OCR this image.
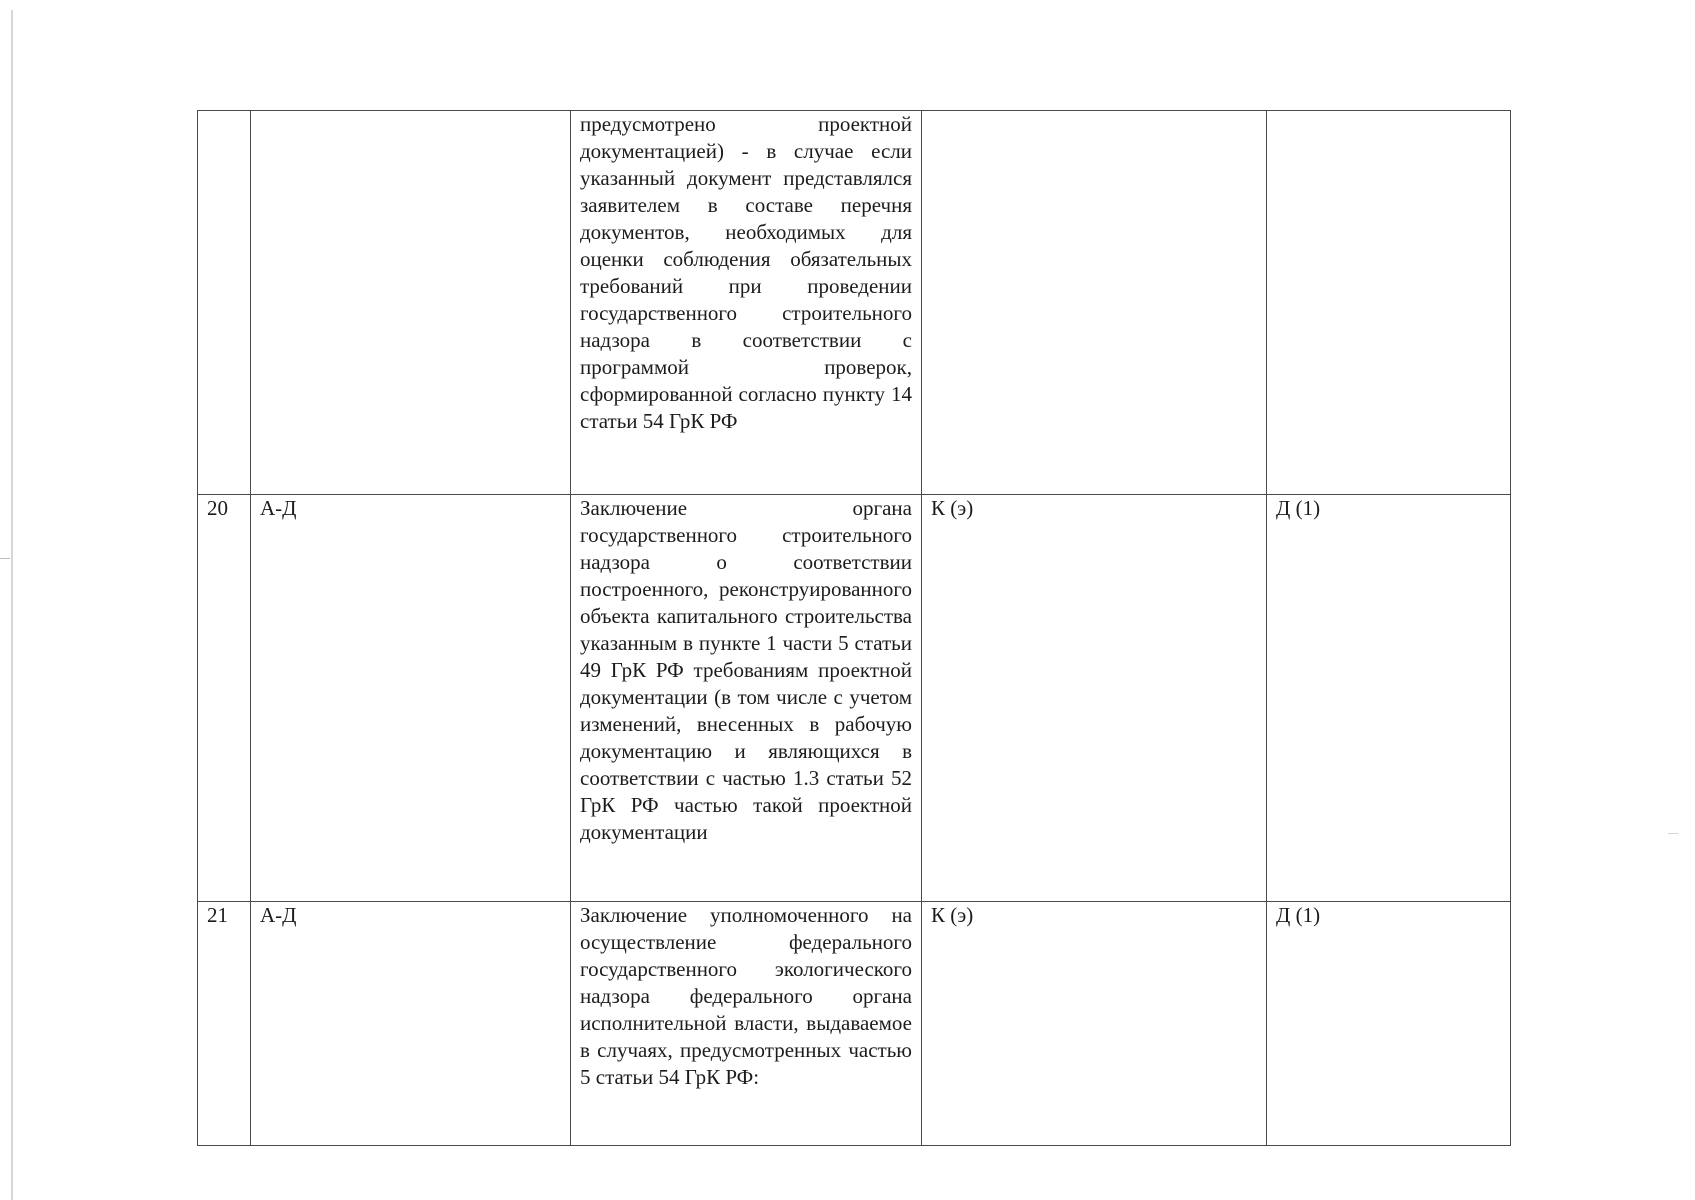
		предусмотрено проектной документацией) - в случае если указанный документ представлялся заявителем в составе перечня документов, необходимых для оценки соблюдения обязательных требований при проведении государственного строительного надзора в соответствии с программой проверок, сформированной согласно пункту 14 статьи 54 ГрК РФ		

20	А-Д	Заключение органа государственного строительного надзора о соответствии построенного, реконструированного объекта капитального строительства указанным в пункте 1 части 5 статьи 49 ГрК РФ требованиям проектной документации (в том числе с учетом изменений, внесенных в рабочую документацию и являющихся в соответствии с частью 1.3 статьи 52 ГрК РФ частью такой проектной документации	К (э)	Д (1)
21	А-Д	Заключение уполномоченного на осуществление федерального государственного экологического надзора федерального органа исполнительной власти, выдаваемое в случаях, предусмотренных частью 5 статьи 54 ГрК РФ:	К (э)	Д (1)
